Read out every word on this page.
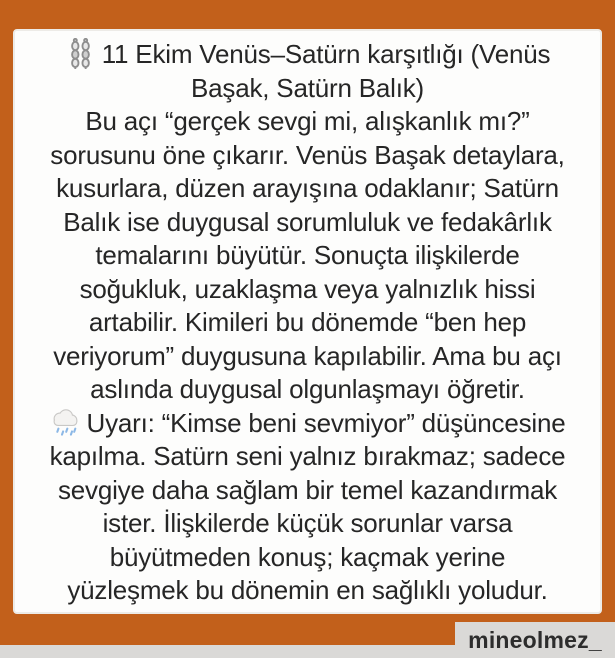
11 Ekim Venüs–Satürn karşıtlığı (Venüs
Başak, Satürn Balık)
Bu açı “gerçek sevgi mi, alışkanlık mı?”
sorusunu öne çıkarır. Venüs Başak detaylara,
kusurlara, düzen arayışına odaklanır; Satürn
Balık ise duygusal sorumluluk ve fedakârlık
temalarını büyütür. Sonuçta ilişkilerde
soğukluk, uzaklaşma veya yalnızlık hissi
artabilir. Kimileri bu dönemde “ben hep
veriyorum” duygusuna kapılabilir. Ama bu açı
aslında duygusal olgunlaşmayı öğretir.
Uyarı: “Kimse beni sevmiyor” düşüncesine
kapılma. Satürn seni yalnız bırakmaz; sadece
sevgiye daha sağlam bir temel kazandırmak
ister. İlişkilerde küçük sorunlar varsa
büyütmeden konuş; kaçmak yerine
yüzleşmek bu dönemin en sağlıklı yoludur.
mineolmez_
